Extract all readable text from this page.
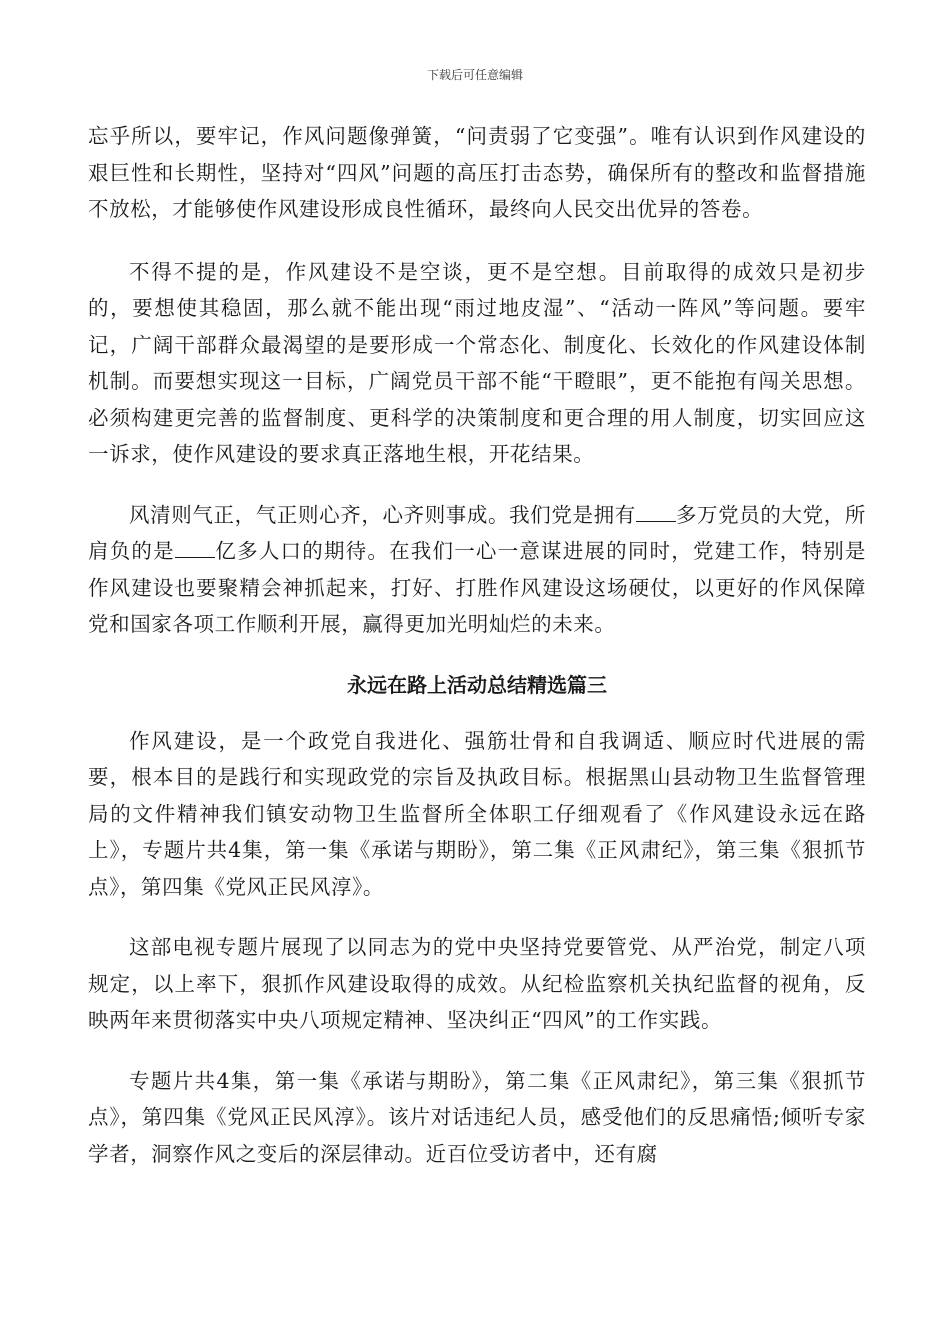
下载后可任意编辑

忘乎所以，要牢记，作风问题像弹簧，“问责弱了它变强”。唯有认识到作风建设的艰巨性和长期性，坚持对“四风”问题的高压打击态势，确保所有的整改和监督措施不放松，才能够使作风建设形成良性循环，最终向人民交出优异的答卷。

不得不提的是，作风建设不是空谈，更不是空想。目前取得的成效只是初步的，要想使其稳固，那么就不能出现“雨过地皮湿”、“活动一阵风”等问题。要牢记，广阔干部群众最渴望的是要形成一个常态化、制度化、长效化的作风建设体制机制。而要想实现这一目标，广阔党员干部不能“干瞪眼”，更不能抱有闯关思想。必须构建更完善的监督制度、更科学的决策制度和更合理的用人制度，切实回应这一诉求，使作风建设的要求真正落地生根，开花结果。

风清则气正，气正则心齐，心齐则事成。我们党是拥有 多万党员的大党，所肩负的是 亿多人口的期待。在我们一心一意谋进展的同时，党建工作，特别是作风建设也要聚精会神抓起来，打好、打胜作风建设这场硬仗，以更好的作风保障党和国家各项工作顺利开展，赢得更加光明灿烂的未来。

永远在路上活动总结精选篇三

作风建设，是一个政党自我进化、强筋壮骨和自我调适、顺应时代进展的需要，根本目的是践行和实现政党的宗旨及执政目标。根据黑山县动物卫生监督管理局的文件精神我们镇安动物卫生监督所全体职工仔细观看了《作风建设永远在路上》，专题片共4集，第一集《承诺与期盼》，第二集《正风肃纪》，第三集《狠抓节点》，第四集《党风正民风淳》。

这部电视专题片展现了以同志为的党中央坚持党要管党、从严治党，制定八项规定，以上率下，狠抓作风建设取得的成效。从纪检监察机关执纪监督的视角，反映两年来贯彻落实中央八项规定精神、坚决纠正“四风”的工作实践。

专题片共4集，第一集《承诺与期盼》，第二集《正风肃纪》，第三集《狠抓节点》，第四集《党风正民风淳》。该片对话违纪人员，感受他们的反思痛悟;倾听专家学者，洞察作风之变后的深层律动。近百位受访者中，还有腐
